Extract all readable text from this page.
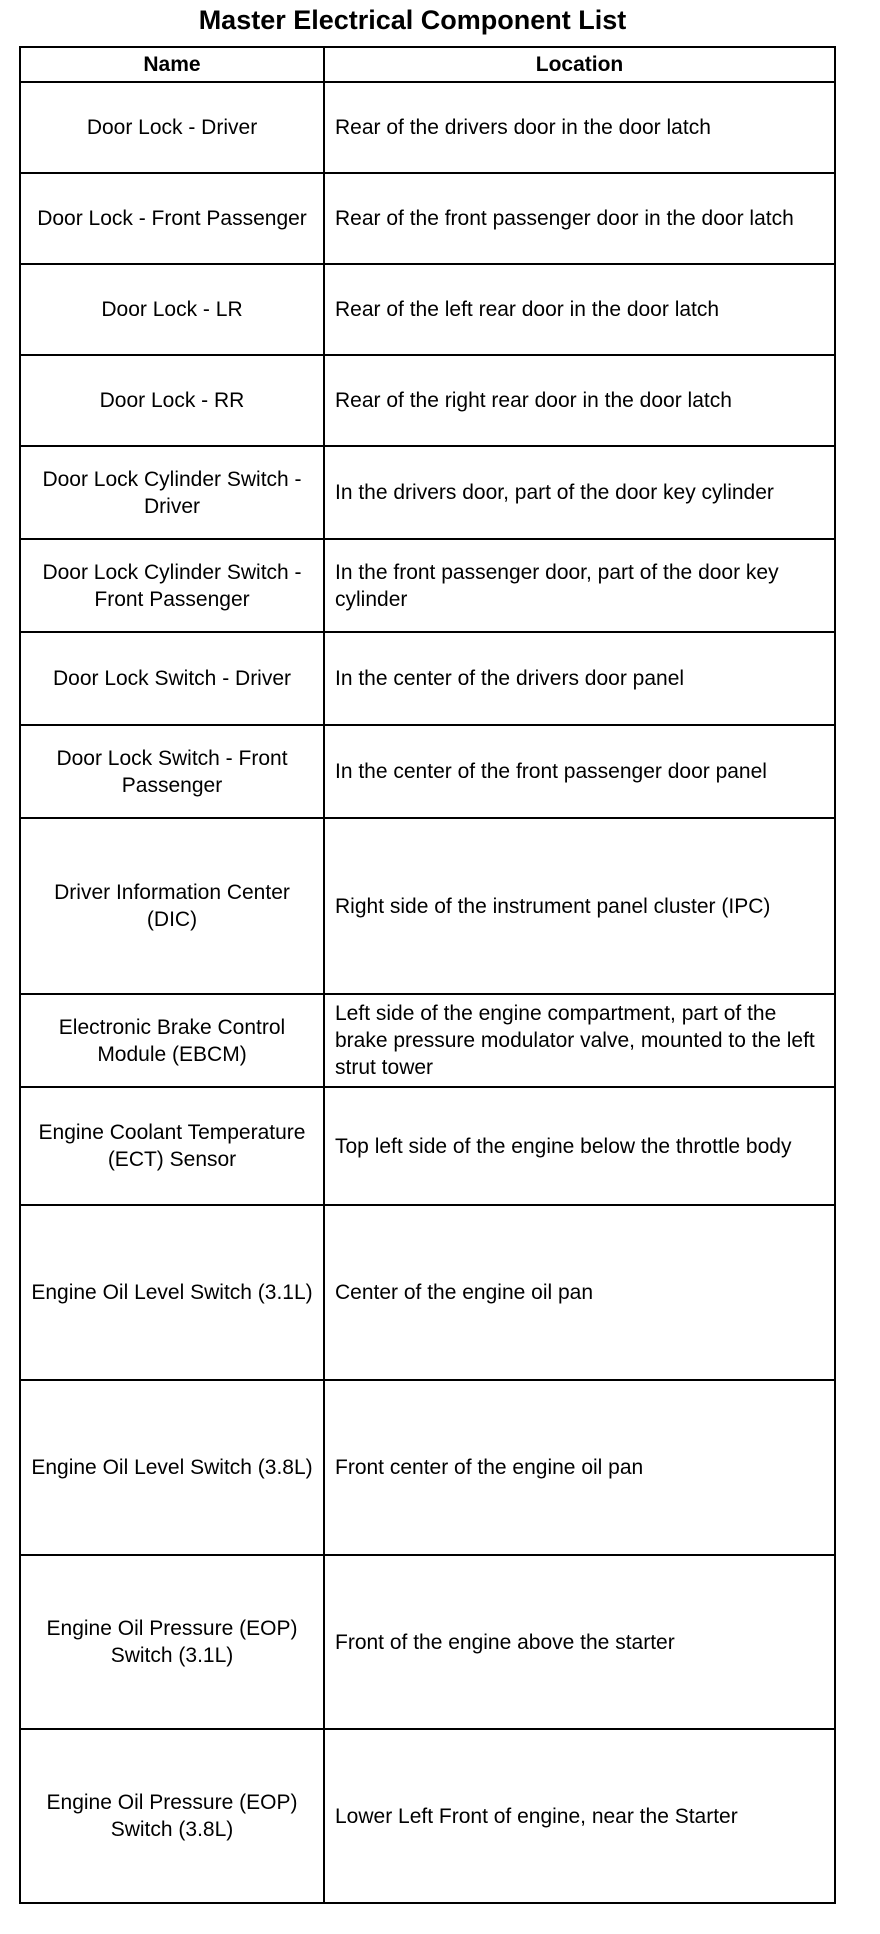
Master Electrical Component List
Name	Location
Door Lock - Driver	Rear of the drivers door in the door latch
Door Lock - Front Passenger	Rear of the front passenger door in the door latch
Door Lock - LR	Rear of the left rear door in the door latch
Door Lock - RR	Rear of the right rear door in the door latch
Door Lock Cylinder Switch - Driver	In the drivers door, part of the door key cylinder
Door Lock Cylinder Switch - Front Passenger	In the front passenger door, part of the door key cylinder
Door Lock Switch - Driver	In the center of the drivers door panel
Door Lock Switch - Front Passenger	In the center of the front passenger door panel
Driver Information Center (DIC)	Right side of the instrument panel cluster (IPC)
Electronic Brake Control Module (EBCM)	Left side of the engine compartment, part of the brake pressure modulator valve, mounted to the left strut tower
Engine Coolant Temperature (ECT) Sensor	Top left side of the engine below the throttle body
Engine Oil Level Switch (3.1L)	Center of the engine oil pan
Engine Oil Level Switch (3.8L)	Front center of the engine oil pan
Engine Oil Pressure (EOP) Switch (3.1L)	Front of the engine above the starter
Engine Oil Pressure (EOP) Switch (3.8L)	Lower Left Front of engine, near the Starter
